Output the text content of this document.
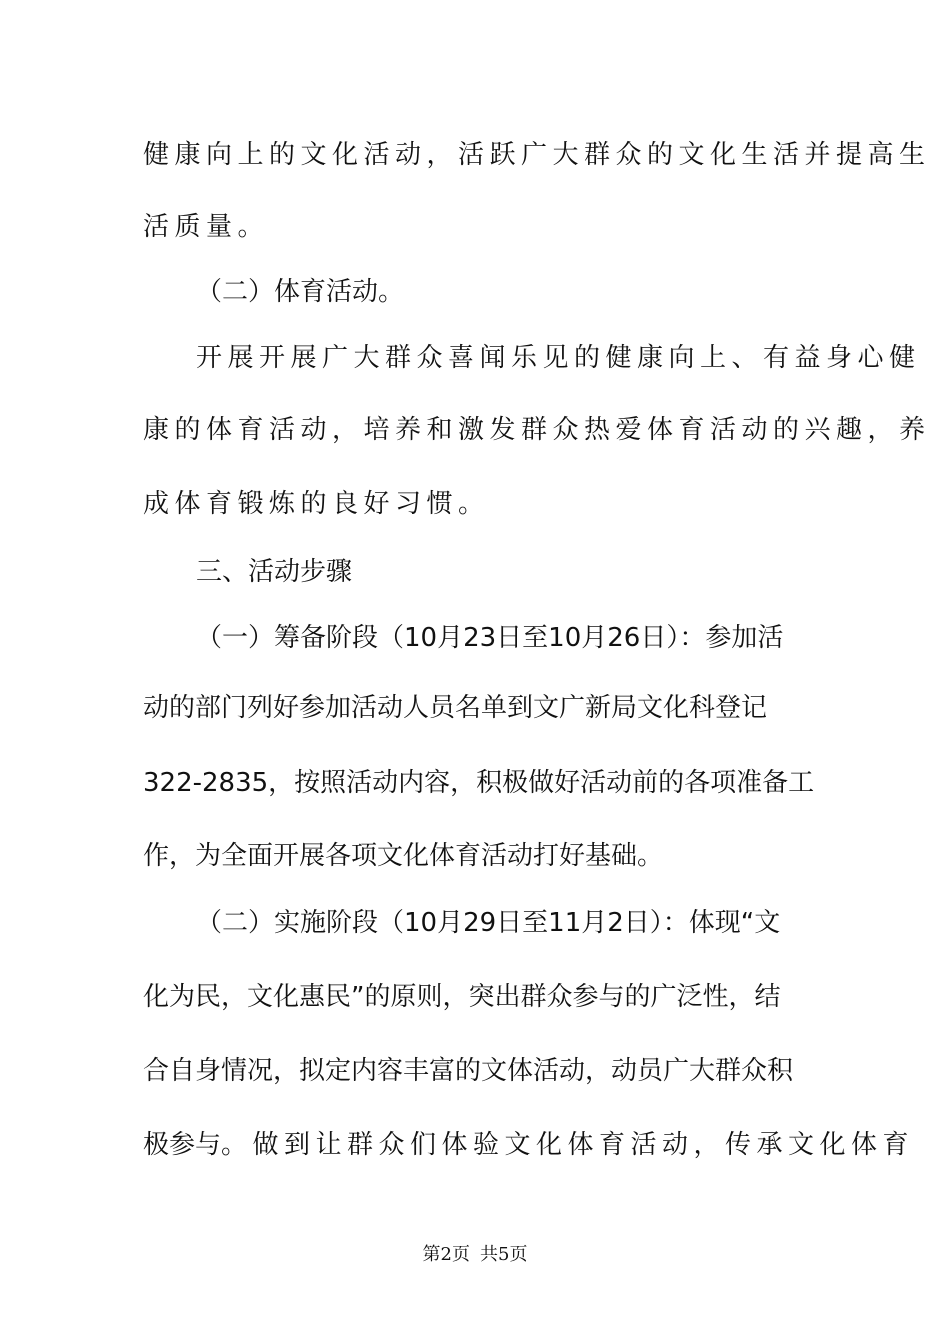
健康向上的文化活动，活跃广大群众的文化生活并提高生

活质量。

（二）体育活动。

开展开展广大群众喜闻乐见的健康向上、有益身心健

康的体育活动，培养和激发群众热爱体育活动的兴趣，养

成体育锻炼的良好习惯。

三、活动步骤

（一）筹备阶段（10月23日至10月26日）：参加活

动的部门列好参加活动人员名单到文广新局文化科登记

322-2835，按照活动内容，积极做好活动前的各项准备工

作，为全面开展各项文化体育活动打好基础。

（二）实施阶段（10月29日至11月2日）：体现“文

化为民，文化惠民”的原则，突出群众参与的广泛性，结

合自身情况，拟定内容丰富的文体活动，动员广大群众积

极参与。做到让群众们体验文化体育活动，传承文化体育

第2页 共5页
